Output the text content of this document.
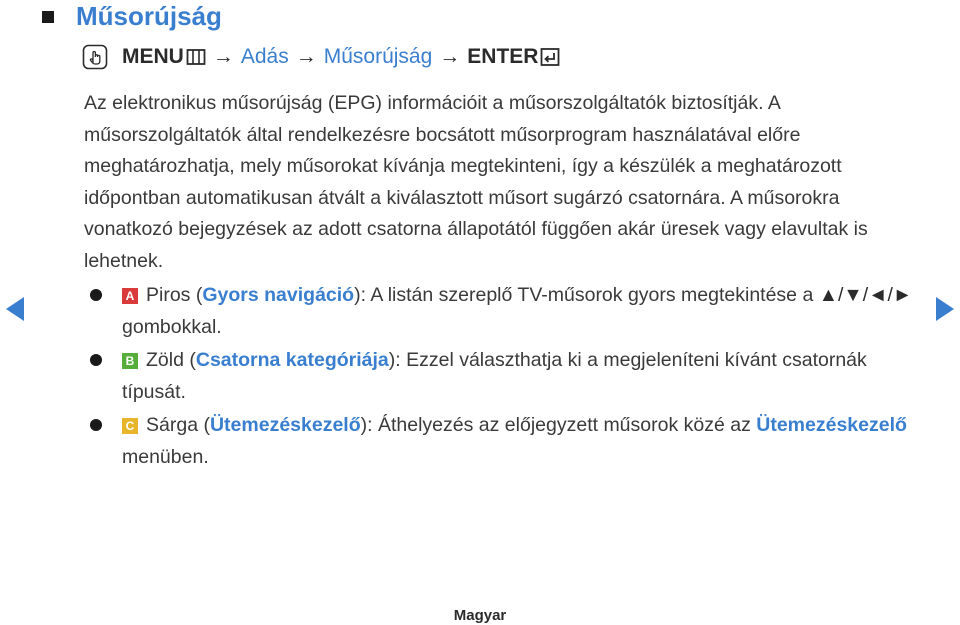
Műsorújság
MENU → Adás → Műsorújság → ENTER

Az elektronikus műsorújság (EPG) információit a műsorszolgáltatók biztosítják. A műsorszolgáltatók által rendelkezésre bocsátott műsorprogram használatával előre meghatározhatja, mely műsorokat kívánja megtekinteni, így a készülék a meghatározott időpontban automatikusan átvált a kiválasztott műsort sugárzó csatornára. A műsorokra vonatkozó bejegyzések az adott csatorna állapotától függően akár üresek vagy elavultak is lehetnek.

A Piros (Gyors navigáció): A listán szereplő TV-műsorok gyors megtekintése a ▲/▼/◄/► gombokkal.
B Zöld (Csatorna kategóriája): Ezzel választhatja ki a megjeleníteni kívánt csatornák típusát.
C Sárga (Ütemezéskezelő): Áthelyezés az előjegyzett műsorok közé az Ütemezéskezelő menüben.
Magyar
